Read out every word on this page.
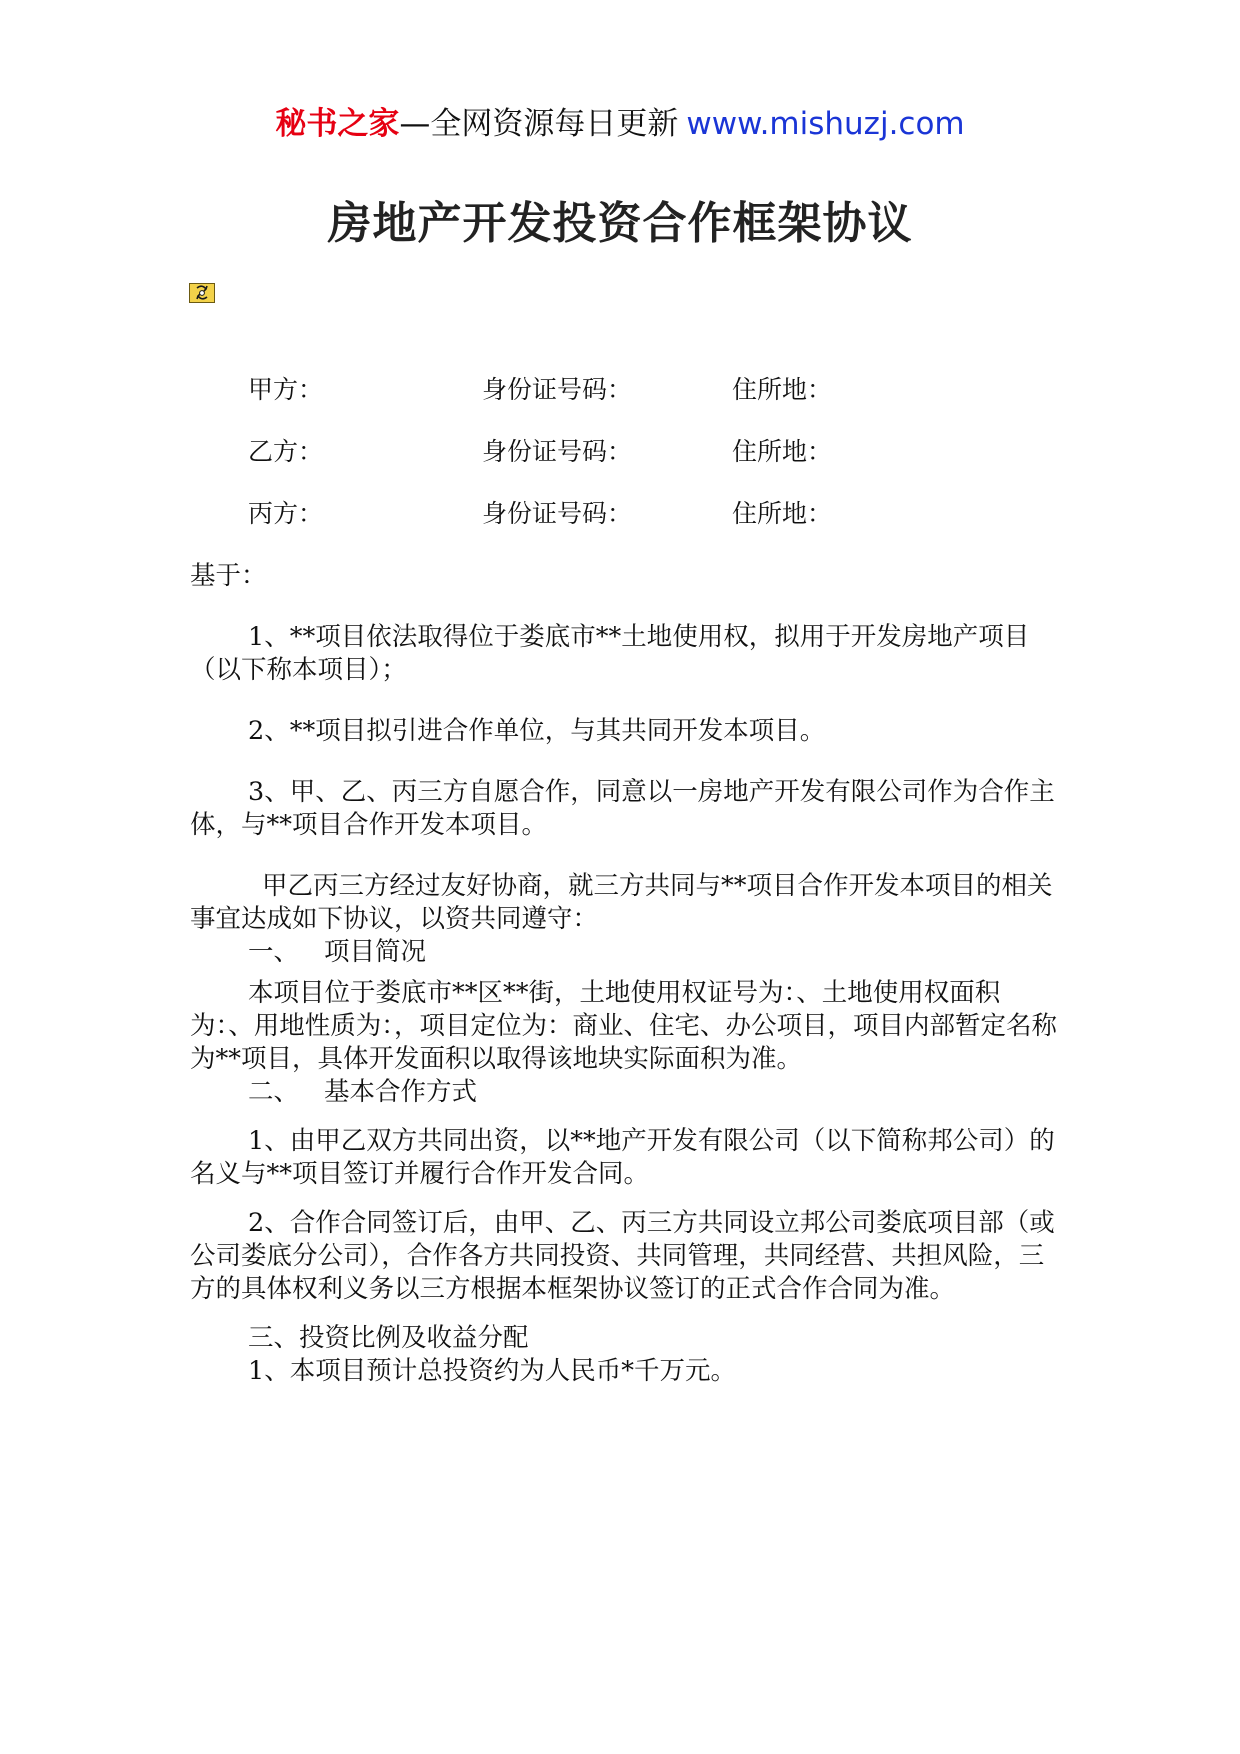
秘书之家—全网资源每日更新 www.mishuzj.com
房地产开发投资合作框架协议
甲方：	身份证号码：	住所地：
乙方：	身份证号码：	住所地：
丙方：	身份证号码：	住所地：

基于：

1、**项目依法取得位于娄底市**土地使用权，拟用于开发房地产项目（以下称本项目）；

2、**项目拟引进合作单位，与其共同开发本项目。

3、甲、乙、丙三方自愿合作，同意以一房地产开发有限公司作为合作主体，与**项目合作开发本项目。

甲乙丙三方经过友好协商，就三方共同与**项目合作开发本项目的相关事宜达成如下协议，以资共同遵守：

一、 项目简况

本项目位于娄底市**区**街，土地使用权证号为：、土地使用权面积为：、用地性质为：，项目定位为：商业、住宅、办公项目，项目内部暂定名称为**项目，具体开发面积以取得该地块实际面积为准。

二、 基本合作方式

1、由甲乙双方共同出资，以**地产开发有限公司（以下简称邦公司）的名义与**项目签订并履行合作开发合同。

2、合作合同签订后，由甲、乙、丙三方共同设立邦公司娄底项目部（或公司娄底分公司），合作各方共同投资、共同管理，共同经营、共担风险，三方的具体权利义务以三方根据本框架协议签订的正式合作合同为准。

三、投资比例及收益分配

1、本项目预计总投资约为人民币*千万元。
